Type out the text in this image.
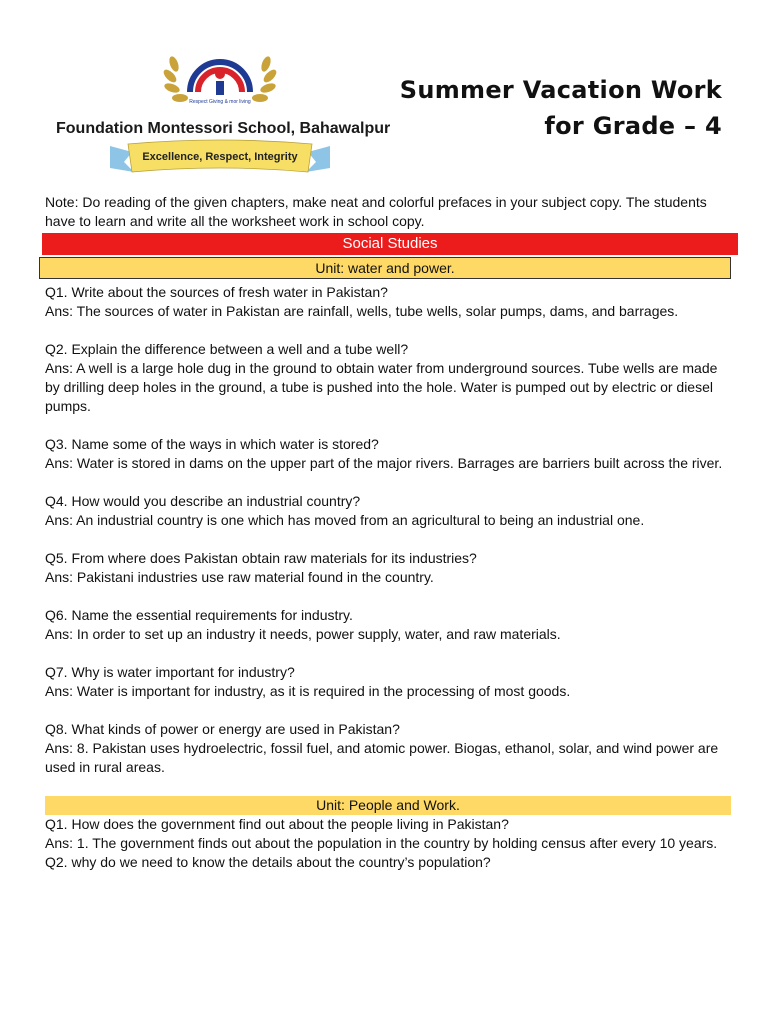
Respect Giving & mor living
Foundation Montessori School, Bahawalpur
Excellence, Respect, Integrity
Summer Vacation Work
for Grade – 4

Note: Do reading of the given chapters, make neat and colorful prefaces in your subject copy. The students have to learn and write all the worksheet work in school copy.

Social Studies
Unit: water and power.

Q1. Write about the sources of fresh water in Pakistan?

Ans: The sources of water in Pakistan are rainfall, wells, tube wells, solar pumps, dams, and barrages.

Q2. Explain the difference between a well and a tube well?

Ans: A well is a large hole dug in the ground to obtain water from underground sources. Tube wells are made by drilling deep holes in the ground, a tube is pushed into the hole. Water is pumped out by electric or diesel pumps.

Q3. Name some of the ways in which water is stored?

Ans: Water is stored in dams on the upper part of the major rivers. Barrages are barriers built across the river.

Q4. How would you describe an industrial country?

Ans: An industrial country is one which has moved from an agricultural to being an industrial one.

Q5. From where does Pakistan obtain raw materials for its industries?

Ans: Pakistani industries use raw material found in the country.

Q6. Name the essential requirements for industry.

Ans: In order to set up an industry it needs, power supply, water, and raw materials.

Q7. Why is water important for industry?

Ans: Water is important for industry, as it is required in the processing of most goods.

Q8. What kinds of power or energy are used in Pakistan?

Ans: 8. Pakistan uses hydroelectric, fossil fuel, and atomic power. Biogas, ethanol, solar, and wind power are used in rural areas.

Unit: People and Work.

Q1. How does the government find out about the people living in Pakistan?

Ans: 1. The government finds out about the population in the country by holding census after every 10 years.

Q2. why do we need to know the details about the country’s population?
